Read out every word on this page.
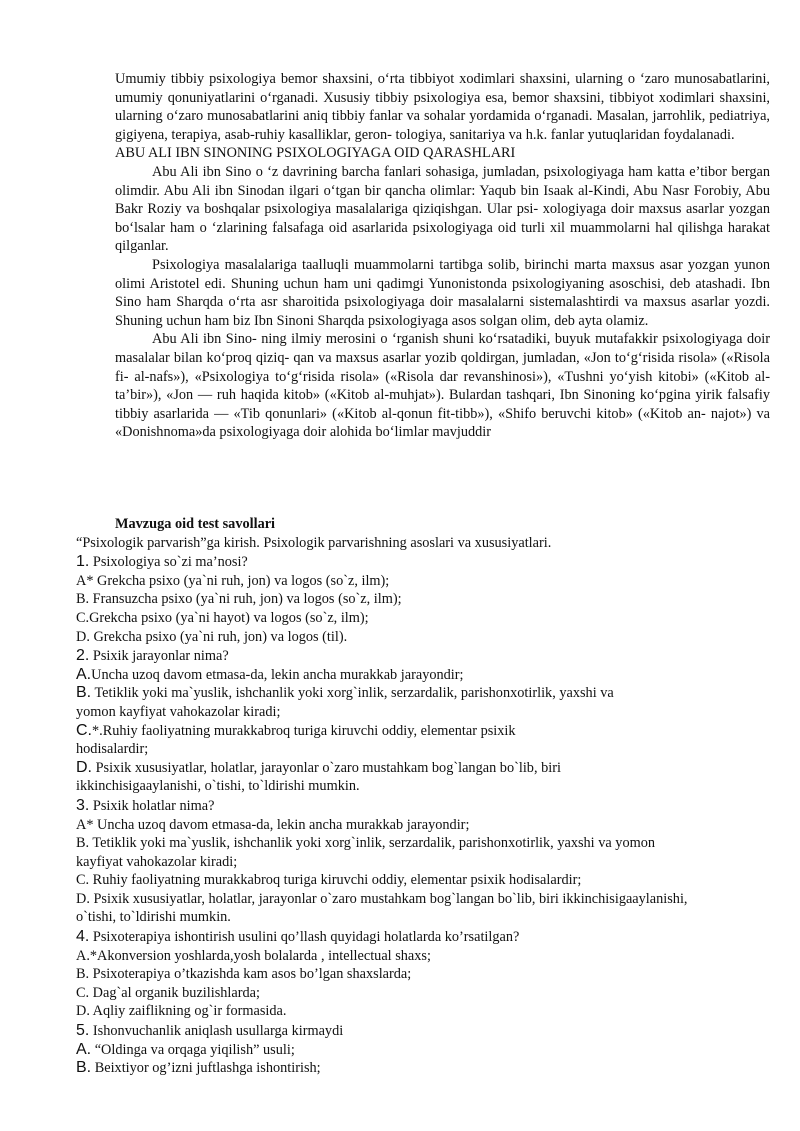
Umumiy tibbiy psixologiya bemor shaxsini, o‘rta tibbiyot xodimlari shaxsini, ularning o ‘zaro munosabatlarini, umumiy qonuniyatlarini o‘rganadi. Xususiy tibbiy psixologiya esa, bemor shaxsini, tibbiyot xodimlari shaxsini, ularning o‘zaro munosabatlarini aniq tibbiy fanlar va sohalar yordamida o‘rganadi. Masalan, jarrohlik, pediatriya, gigiyena, terapiya, asab-ruhiy kasalliklar, geron- tologiya, sanitariya va h.k. fanlar yutuqlaridan foydalanadi.

ABU ALI IBN SINONING PSIXOLOGIYAGA OID QARASHLARI

Abu Ali ibn Sino o ‘z davrining barcha fanlari sohasiga, jumladan, psixologiyaga ham katta e’tibor bergan olimdir. Abu Ali ibn Sinodan ilgari o‘tgan bir qancha olimlar: Yaqub bin Isaak al-Kindi, Abu Nasr Forobiy, Abu Bakr Roziy va boshqalar psixologiya masalalariga qiziqishgan. Ular psi- xologiyaga doir maxsus asarlar yozgan bo‘lsalar ham o ‘zlarining falsafaga oid asarlarida psixologiyaga oid turli xil muammolarni hal qilishga harakat qilganlar.

Psixologiya masalalariga taalluqli muammolarni tartibga solib, birinchi marta maxsus asar yozgan yunon olimi Aristotel edi. Shuning uchun ham uni qadimgi Yunonistonda psixologiyaning asoschisi, deb atashadi. Ibn Sino ham Sharqda o‘rta asr sharoitida psixologiyaga doir masalalarni sistemalashtirdi va maxsus asarlar yozdi. Shuning uchun ham biz Ibn Sinoni Sharqda psixologiyaga asos solgan olim, deb ayta olamiz.

Abu Ali ibn Sino- ning ilmiy merosini o ‘rganish shuni ko‘rsatadiki, buyuk mutafakkir psixologiyaga doir masalalar bilan ko‘proq qiziq- qan va maxsus asarlar yozib qoldirgan, jumladan, «Jon to‘g‘risida risola» («Risola fi- al-nafs»), «Psixologiya to‘g‘risida risola» («Risola dar revanshinosi»), «Tushni yo‘yish kitobi» («Kitob al-ta’bir»), «Jon — ruh haqida kitob» («Kitob al-muhjat»). Bulardan tashqari, Ibn Sinoning ko‘pgina yirik falsafiy tibbiy asarlarida — «Tib qonunlari» («Kitob al-qonun fit-tibb»), «Shifo beruvchi kitob» («Kitob an- najot») va «Donishnoma»da psixologiyaga doir alohida bo‘limlar mavjuddir

Mavzuga oid test savollari

“Psixologik parvarish”ga kirish. Psixologik parvarishning asoslari va xususiyatlari.

1. Psixologiya so`zi ma’nosi?

A* Grekcha psixo (ya`ni ruh, jon) va logos (so`z, ilm);

B. Fransuzcha psixo (ya`ni ruh, jon) va logos (so`z, ilm);

C.Grekcha psixo (ya`ni hayot) va logos (so`z, ilm);

D. Grekcha psixo (ya`ni ruh, jon) va logos (til).

2. Psixik jarayonlar nima?

A.Uncha uzoq davom etmasa-da, lekin ancha murakkab jarayondir;

B. Tetiklik yoki ma`yuslik, ishchanlik yoki xorg`inlik, serzardalik, parishonxotirlik, yaxshi va

yomon kayfiyat vahokazolar kiradi;

C.*.Ruhiy faoliyatning murakkabroq turiga kiruvchi oddiy, elementar psixik

hodisalardir;

D. Psixik xususiyatlar, holatlar, jarayonlar o`zaro mustahkam bog`langan bo`lib, biri

ikkinchisigaaylanishi, o`tishi, to`ldirishi mumkin.

3. Psixik holatlar nima?

A* Uncha uzoq davom etmasa-da, lekin ancha murakkab jarayondir;

B. Tetiklik yoki ma`yuslik, ishchanlik yoki xorg`inlik, serzardalik, parishonxotirlik, yaxshi va yomon

kayfiyat vahokazolar kiradi;

C. Ruhiy faoliyatning murakkabroq turiga kiruvchi oddiy, elementar psixik hodisalardir;

D. Psixik xususiyatlar, holatlar, jarayonlar o`zaro mustahkam bog`langan bo`lib, biri ikkinchisigaaylanishi,

o`tishi, to`ldirishi mumkin.

4. Psixoterapiya ishontirish usulini qo’llash quyidagi holatlarda ko’rsatilgan?

A.*Akonversion yoshlarda,yosh bolalarda , intellectual shaxs;

B. Psixoterapiya o’tkazishda kam asos bo’lgan shaxslarda;

C. Dag`al organik buzilishlarda;

D. Aqliy zaiflikning og`ir formasida.

5. Ishonvuchanlik aniqlash usullarga kirmaydi

A. “Oldinga va orqaga yiqilish” usuli;

B. Beixtiyor og’izni juftlashga ishontirish;
